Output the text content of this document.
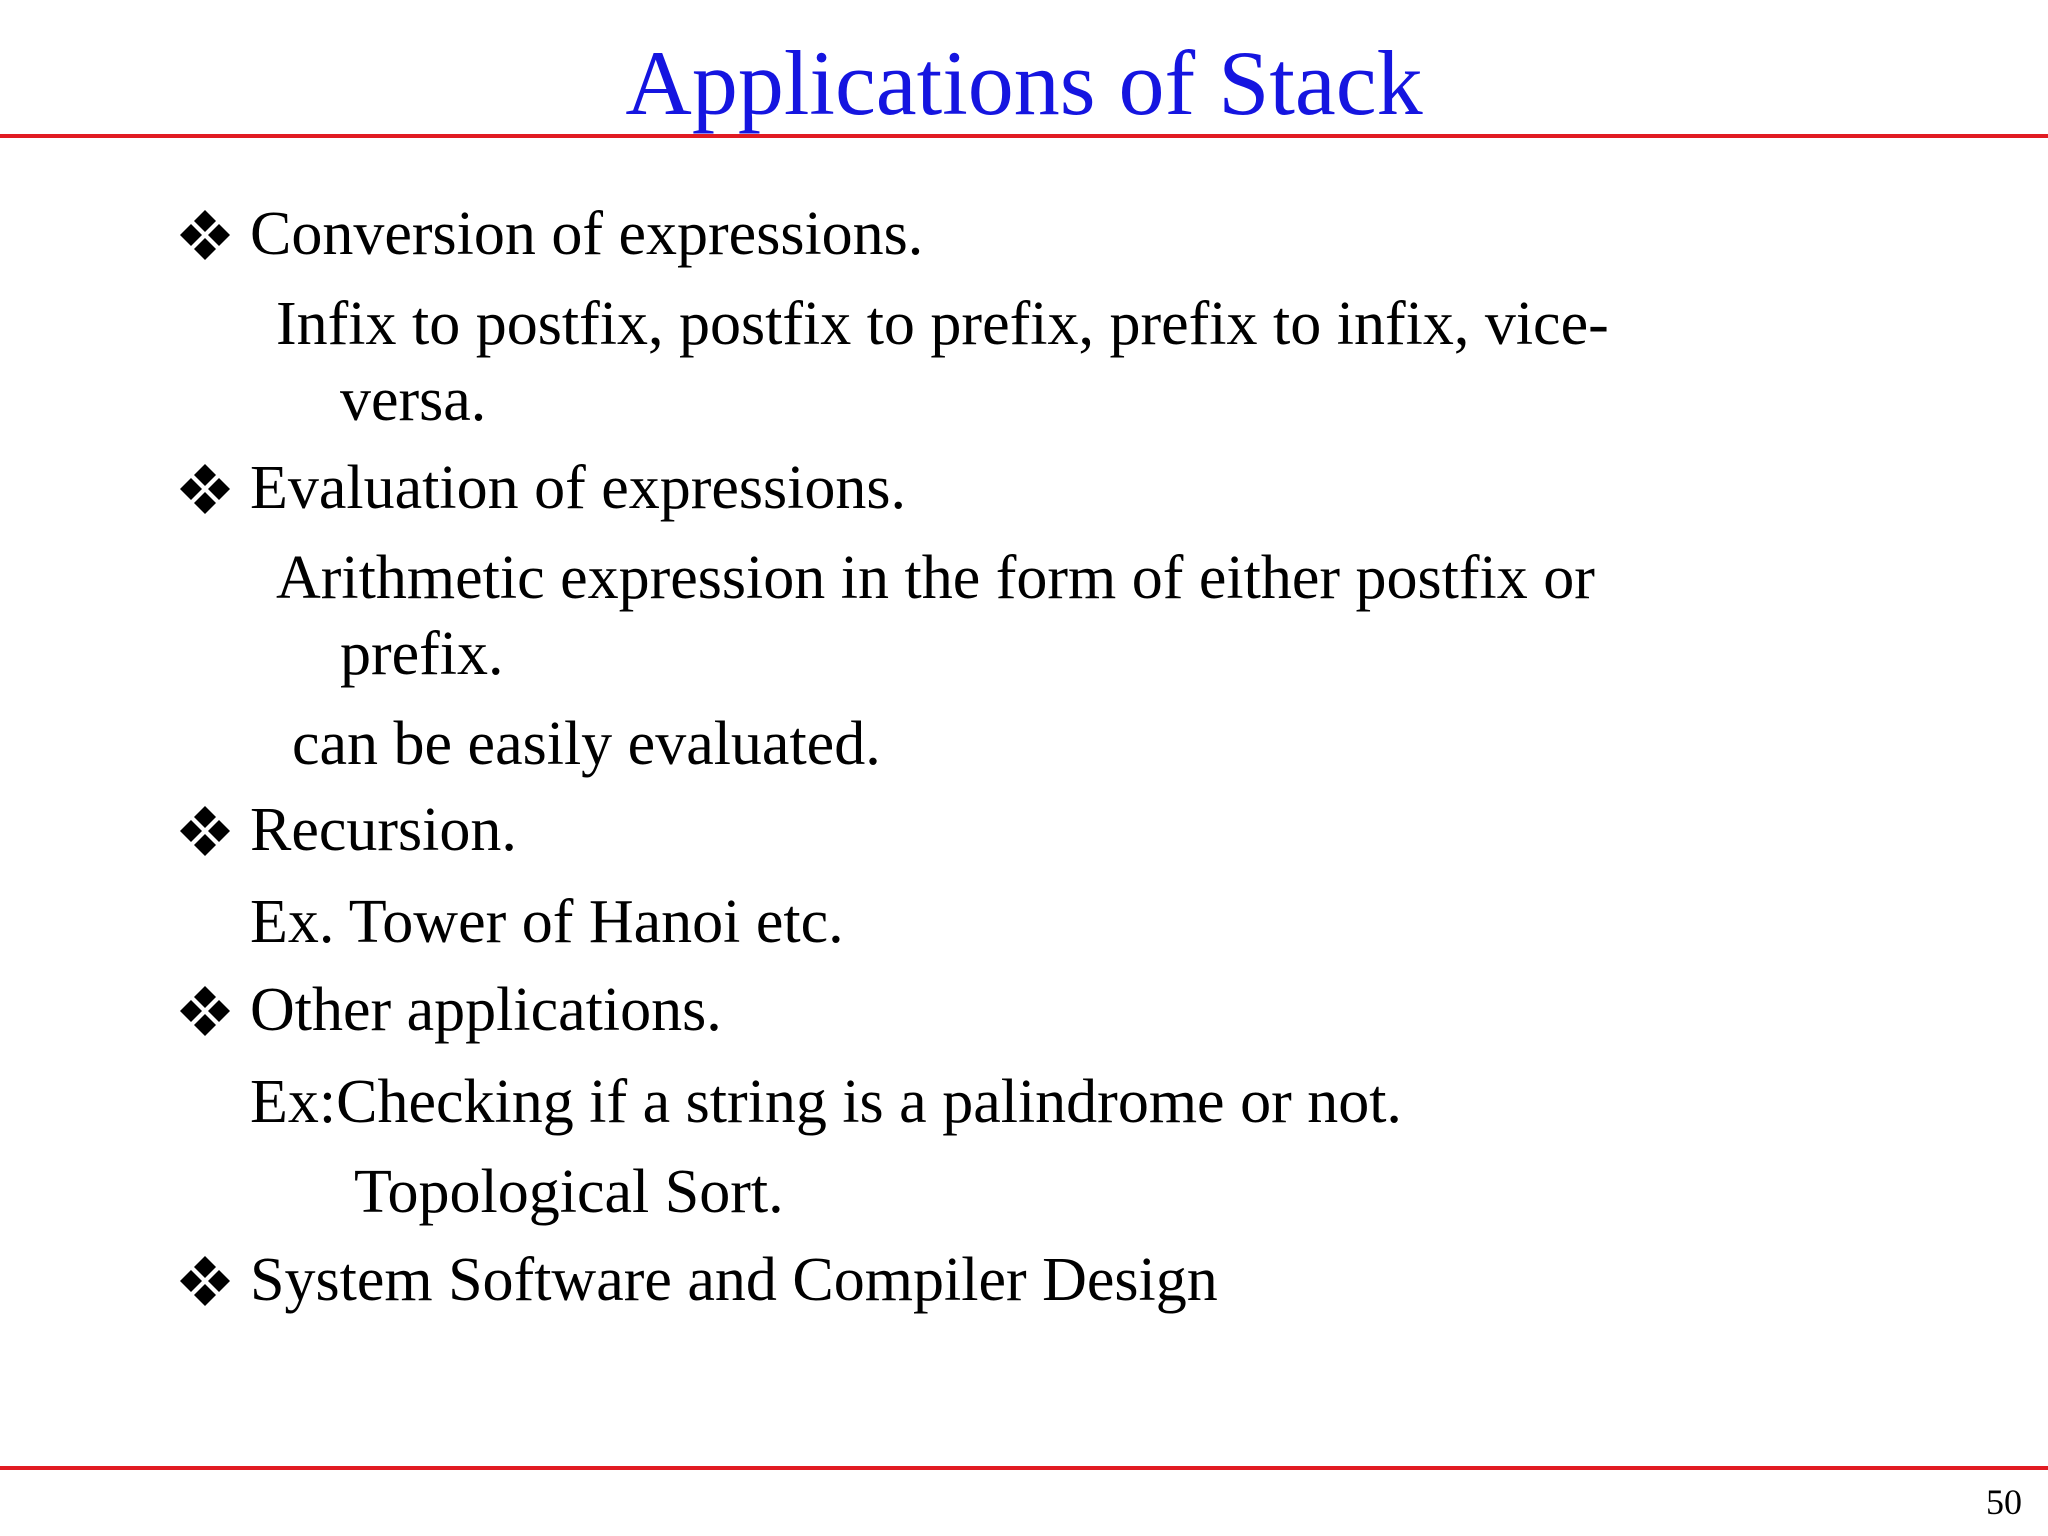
Applications of Stack
Conversion of expressions.
Infix to postfix, postfix to prefix, prefix to infix, vice-
versa.
Evaluation of expressions.
Arithmetic expression in the form of either postfix or
prefix.
can be easily evaluated.
Recursion.
Ex. Tower of Hanoi etc.
Other applications.
Ex:Checking if a string is a palindrome or not.
Topological Sort.
System Software and Compiler Design
50
